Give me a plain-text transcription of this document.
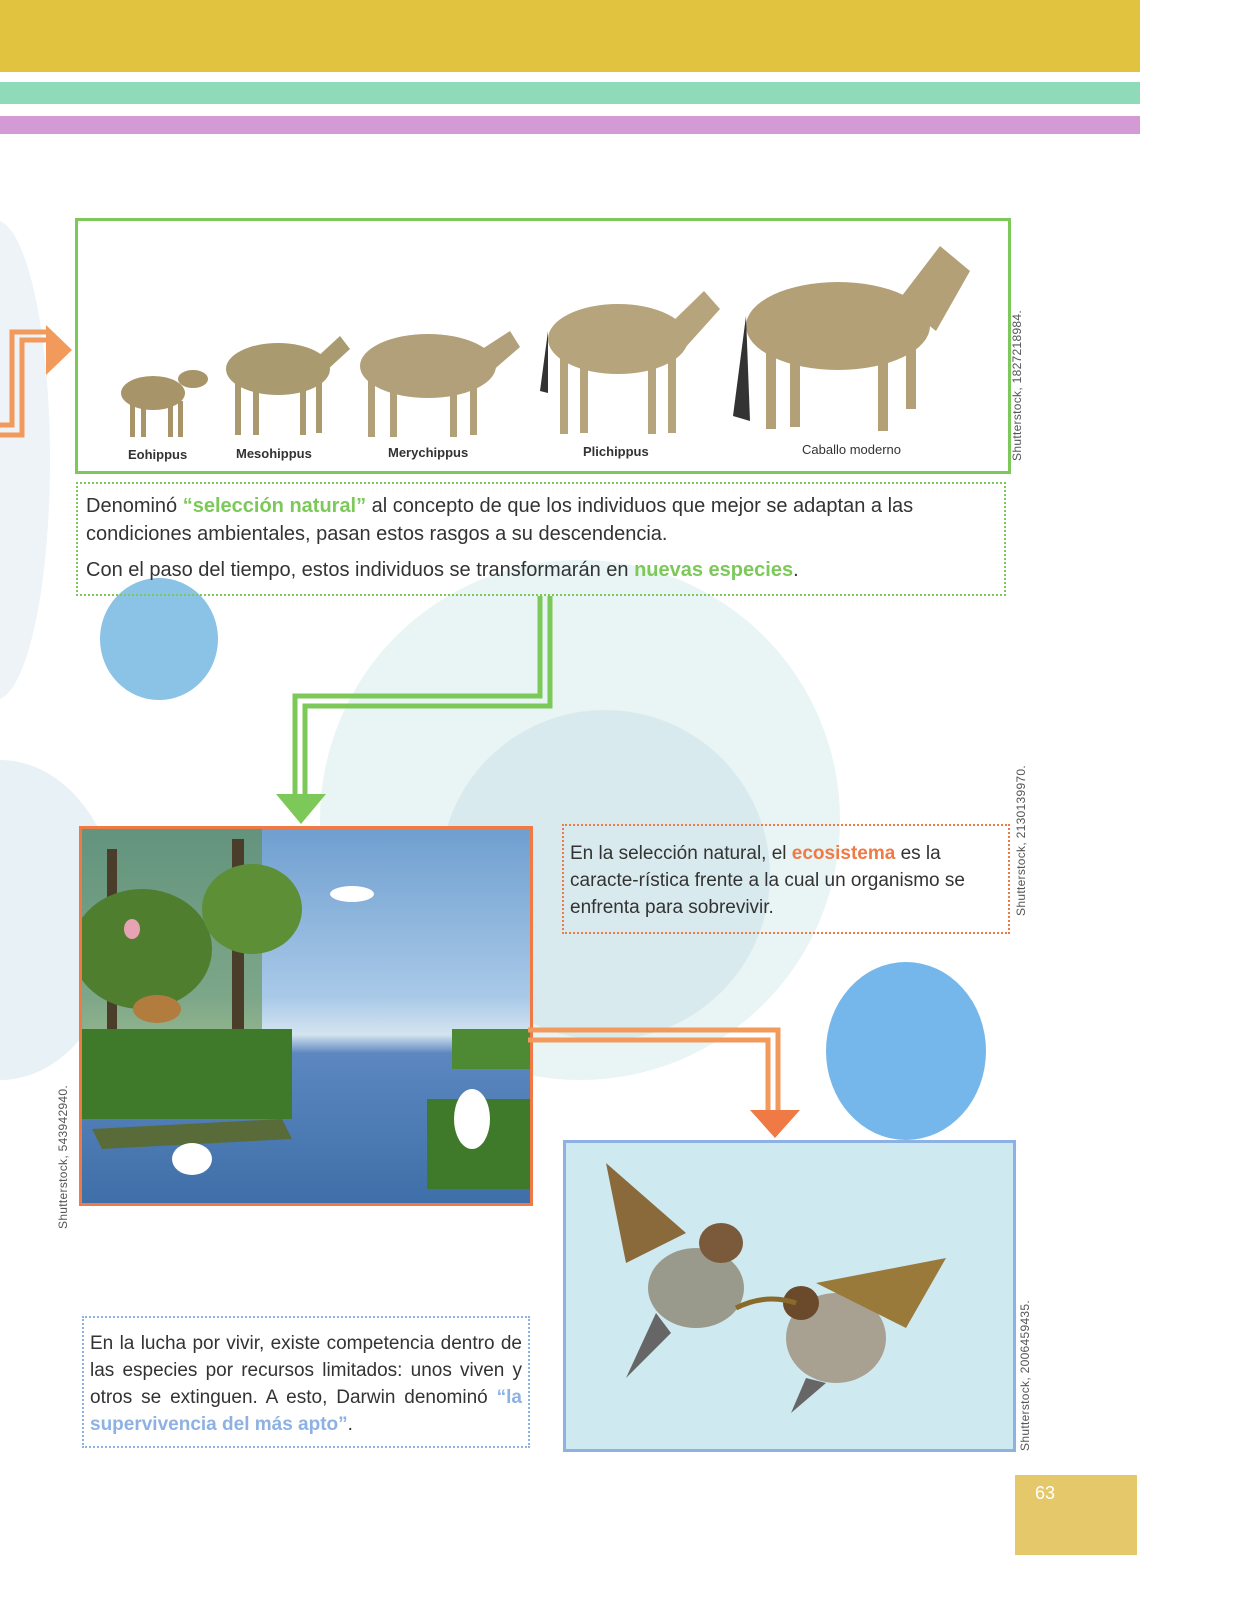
Eohippus	Mesohippus	Merychippus	Plichippus	Caballo moderno	Shutterstock, 1827218984.
Denominó “selección natural” al concepto de que los individuos que mejor se adaptan a las condiciones ambientales, pasan estos rasgos a su descendencia.
Con el paso del tiempo, estos individuos se transformarán en nuevas especies.
Shutterstock, 543942940.
En la selección natural, el ecosistema es la caracte-rística frente a la cual un organismo se enfrenta para sobrevivir.	Shutterstock, 2130139970.
Shutterstock, 2006459435.
En la lucha por vivir, existe competencia dentro de las especies por recursos limitados: unos viven y otros se extinguen. A esto, Darwin denominó “la supervivencia del más apto”.
63
